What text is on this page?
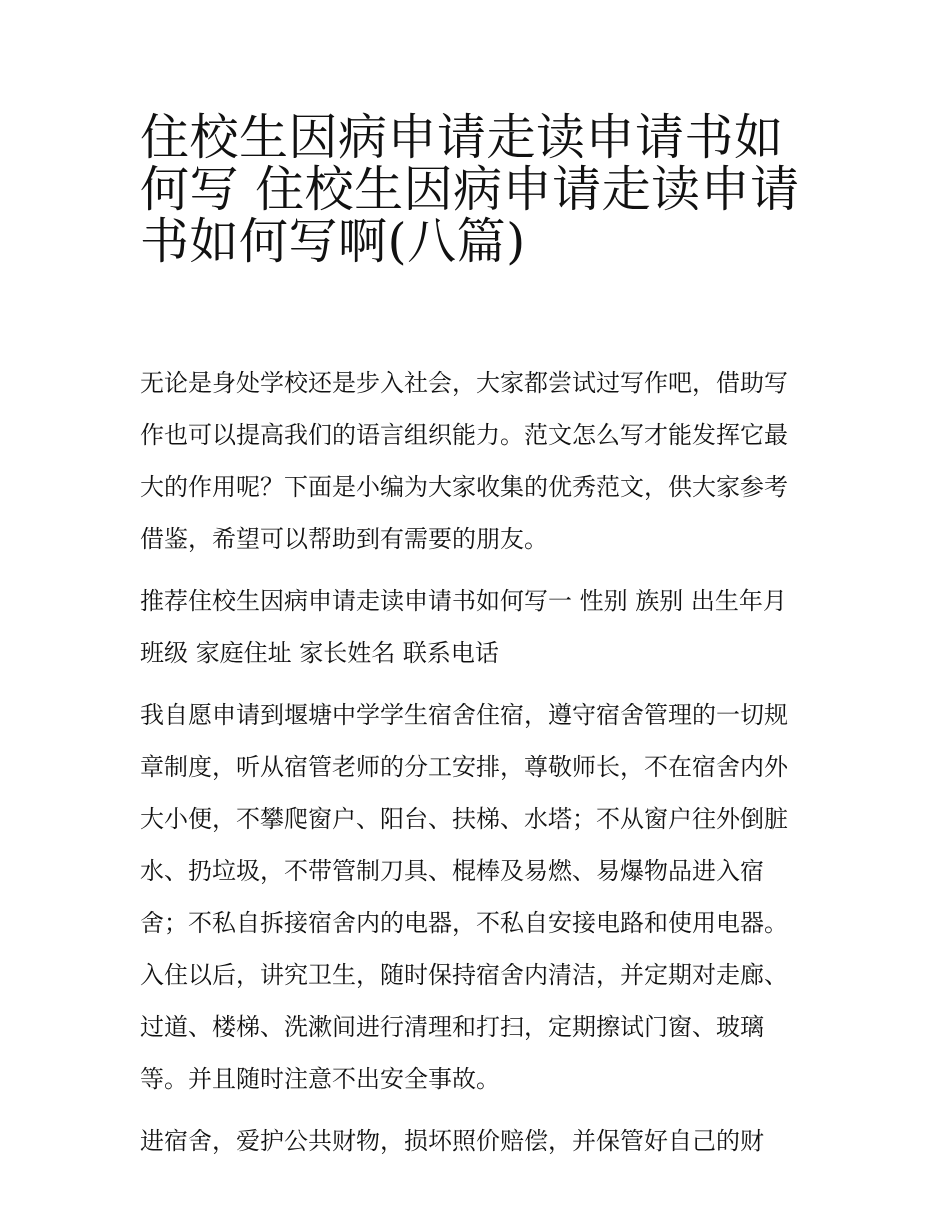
住校生因病申请走读申请书如
何写 住校生因病申请走读申请
书如何写啊(八篇)
无论是身处学校还是步入社会，大家都尝试过写作吧，借助写
作也可以提高我们的语言组织能力。范文怎么写才能发挥它最
大的作用呢？下面是小编为大家收集的优秀范文，供大家参考
借鉴，希望可以帮助到有需要的朋友。
推荐住校生因病申请走读申请书如何写一 性别 族别 出生年月
班级 家庭住址 家长姓名 联系电话
我自愿申请到堰塘中学学生宿舍住宿，遵守宿舍管理的一切规
章制度，听从宿管老师的分工安排，尊敬师长，不在宿舍内外
大小便，不攀爬窗户、阳台、扶梯、水塔；不从窗户往外倒脏
水、扔垃圾，不带管制刀具、棍棒及易燃、易爆物品进入宿
舍；不私自拆接宿舍内的电器，不私自安接电路和使用电器。
入住以后，讲究卫生，随时保持宿舍内清洁，并定期对走廊、
过道、楼梯、洗漱间进行清理和打扫，定期擦试门窗、玻璃
等。并且随时注意不出安全事故。
进宿舍，爱护公共财物，损坏照价赔偿，并保管好自己的财
